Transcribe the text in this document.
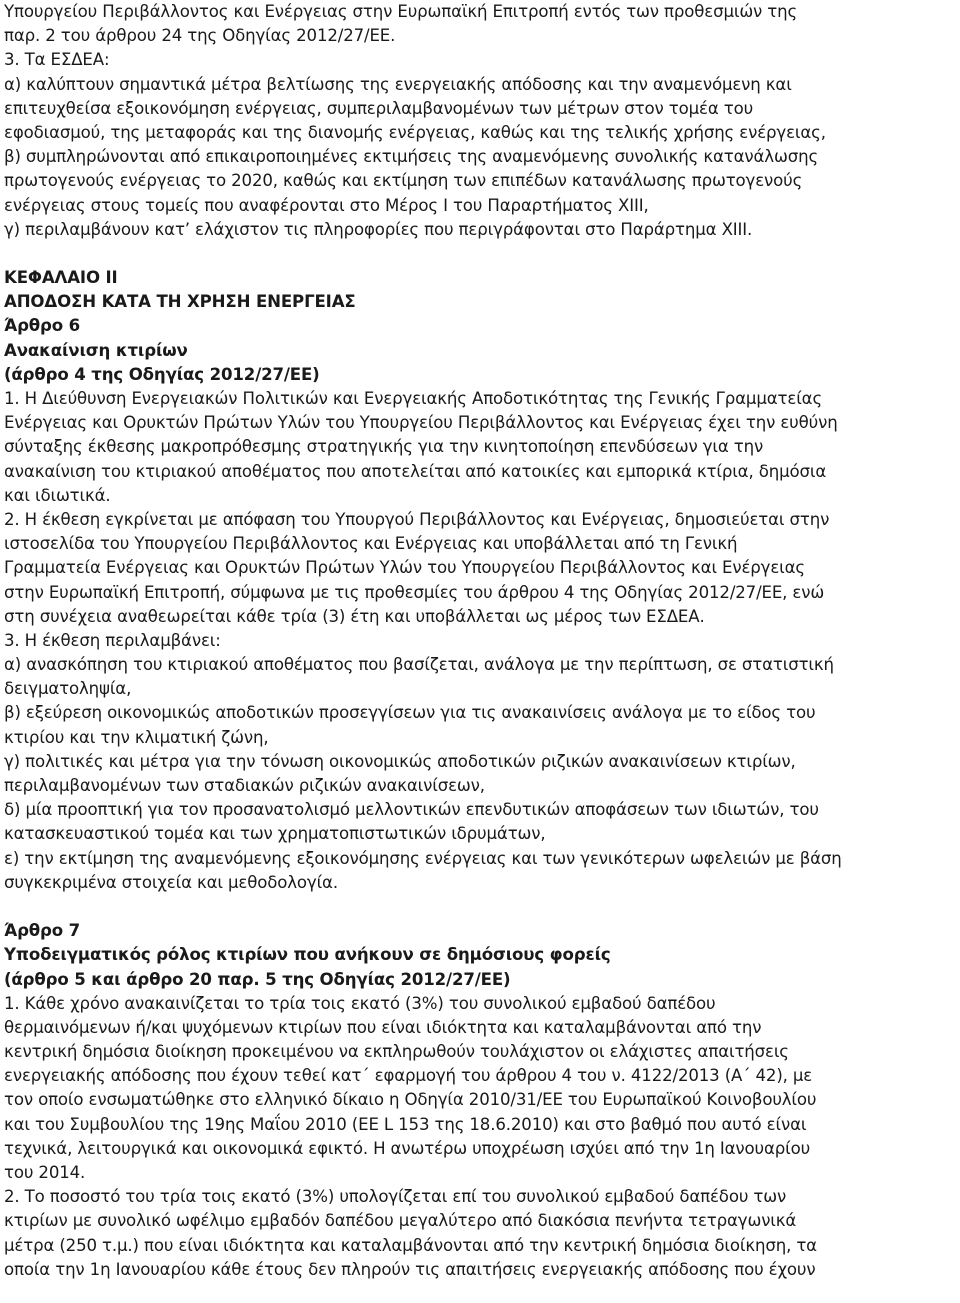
Υπουργείου Περιβάλλοντος και Ενέργειας στην Ευρωπαϊκή Επιτροπή εντός των προθεσμιών της
παρ. 2 του άρθρου 24 της Οδηγίας 2012/27/ΕΕ.
3. Τα ΕΣΔΕΑ:
α) καλύπτουν σημαντικά μέτρα βελτίωσης της ενεργειακής απόδοσης και την αναμενόμενη και
επιτευχθείσα εξοικονόμηση ενέργειας, συμπεριλαμβανομένων των μέτρων στον τομέα του
εφοδιασμού, της μεταφοράς και της διανομής ενέργειας, καθώς και της τελικής χρήσης ενέργειας,
β) συμπληρώνονται από επικαιροποιημένες εκτιμήσεις της αναμενόμενης συνολικής κατανάλωσης
πρωτογενούς ενέργειας το 2020, καθώς και εκτίμηση των επιπέδων κατανάλωσης πρωτογενούς
ενέργειας στους τομείς που αναφέρονται στο Μέρος Ι του Παραρτήματος ΧΙΙΙ,
γ) περιλαμβάνουν κατ’ ελάχιστον τις πληροφορίες που περιγράφονται στο Παράρτημα ΧΙΙΙ.
ΚΕΦΑΛΑΙΟ ΙΙ
ΑΠΟΔΟΣΗ ΚΑΤΑ ΤΗ ΧΡΗΣΗ ΕΝΕΡΓΕΙΑΣ
Άρθρο 6
Ανακαίνιση κτιρίων
(άρθρο 4 της Οδηγίας 2012/27/ΕΕ)
1. Η Διεύθυνση Ενεργειακών Πολιτικών και Ενεργειακής Αποδοτικότητας της Γενικής Γραμματείας
Ενέργειας και Ορυκτών Πρώτων Υλών του Υπουργείου Περιβάλλοντος και Ενέργειας έχει την ευθύνη
σύνταξης έκθεσης μακροπρόθεσμης στρατηγικής για την κινητοποίηση επενδύσεων για την
ανακαίνιση του κτιριακού αποθέματος που αποτελείται από κατοικίες και εμπορικά κτίρια, δημόσια
και ιδιωτικά.
2. Η έκθεση εγκρίνεται με απόφαση του Υπουργού Περιβάλλοντος και Ενέργειας, δημοσιεύεται στην
ιστοσελίδα του Υπουργείου Περιβάλλοντος και Ενέργειας και υποβάλλεται από τη Γενική
Γραμματεία Ενέργειας και Ορυκτών Πρώτων Υλών του Υπουργείου Περιβάλλοντος και Ενέργειας
στην Ευρωπαϊκή Επιτροπή, σύμφωνα με τις προθεσμίες του άρθρου 4 της Οδηγίας 2012/27/ΕΕ, ενώ
στη συνέχεια αναθεωρείται κάθε τρία (3) έτη και υποβάλλεται ως μέρος των ΕΣΔΕΑ.
3. Η έκθεση περιλαμβάνει:
α) ανασκόπηση του κτιριακού αποθέματος που βασίζεται, ανάλογα με την περίπτωση, σε στατιστική
δειγματοληψία,
β) εξεύρεση οικονομικώς αποδοτικών προσεγγίσεων για τις ανακαινίσεις ανάλογα με το είδος του
κτιρίου και την κλιματική ζώνη,
γ) πολιτικές και μέτρα για την τόνωση οικονομικώς αποδοτικών ριζικών ανακαινίσεων κτιρίων,
περιλαμβανομένων των σταδιακών ριζικών ανακαινίσεων,
δ) μία προοπτική για τον προσανατολισμό μελλοντικών επενδυτικών αποφάσεων των ιδιωτών, του
κατασκευαστικού τομέα και των χρηματοπιστωτικών ιδρυμάτων,
ε) την εκτίμηση της αναμενόμενης εξοικονόμησης ενέργειας και των γενικότερων ωφελειών με βάση
συγκεκριμένα στοιχεία και μεθοδολογία.
Άρθρο 7
Υποδειγματικός ρόλος κτιρίων που ανήκουν σε δημόσιους φορείς
(άρθρο 5 και άρθρο 20 παρ. 5 της Οδηγίας 2012/27/ΕΕ)
1. Κάθε χρόνο ανακαινίζεται το τρία τοις εκατό (3%) του συνολικού εμβαδού δαπέδου
θερμαινόμενων ή/και ψυχόμενων κτιρίων που είναι ιδιόκτητα και καταλαμβάνονται από την
κεντρική δημόσια διοίκηση προκειμένου να εκπληρωθούν τουλάχιστον οι ελάχιστες απαιτήσεις
ενεργειακής απόδοσης που έχουν τεθεί κατ΄ εφαρμογή του άρθρου 4 του ν. 4122/2013 (Α΄ 42), με
τον οποίο ενσωματώθηκε στο ελληνικό δίκαιο η Οδηγία 2010/31/ΕΕ του Ευρωπαϊκού Κοινοβουλίου
και του Συμβουλίου της 19ης Μαΐου 2010 (ΕΕ L 153 της 18.6.2010) και στο βαθμό που αυτό είναι
τεχνικά, λειτουργικά και οικονομικά εφικτό. Η ανωτέρω υποχρέωση ισχύει από την 1η Ιανουαρίου
του 2014.
2. Το ποσοστό του τρία τοις εκατό (3%) υπολογίζεται επί του συνολικού εμβαδού δαπέδου των
κτιρίων με συνολικό ωφέλιμο εμβαδόν δαπέδου μεγαλύτερο από διακόσια πενήντα τετραγωνικά
μέτρα (250 τ.μ.) που είναι ιδιόκτητα και καταλαμβάνονται από την κεντρική δημόσια διοίκηση, τα
οποία την 1η Ιανουαρίου κάθε έτους δεν πληρούν τις απαιτήσεις ενεργειακής απόδοσης που έχουν
